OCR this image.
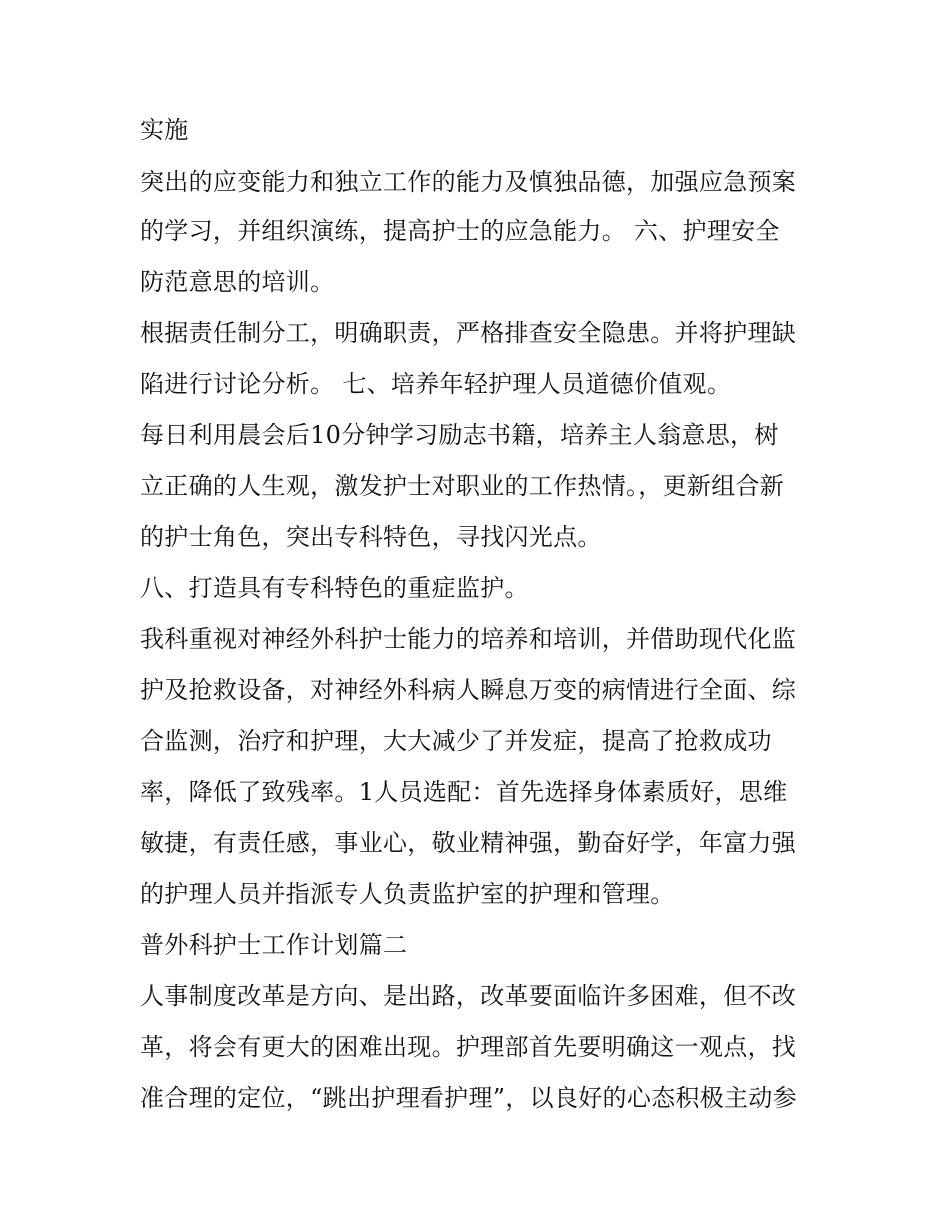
实施
突出的应变能力和独立工作的能力及慎独品德，加强应急预案
的学习，并组织演练，提高护士的应急能力。 六、护理安全
防范意思的培训。
根据责任制分工，明确职责，严格排查安全隐患。并将护理缺
陷进行讨论分析。 七、培养年轻护理人员道德价值观。
每日利用晨会后10分钟学习励志书籍，培养主人翁意思，树
立正确的人生观，激发护士对职业的工作热情。，更新组合新
的护士角色，突出专科特色，寻找闪光点。
八、打造具有专科特色的重症监护。
我科重视对神经外科护士能力的培养和培训，并借助现代化监
护及抢救设备，对神经外科病人瞬息万变的病情进行全面、综
合监测，治疗和护理，大大减少了并发症，提高了抢救成功
率，降低了致残率。1人员选配：首先选择身体素质好，思维
敏捷，有责任感，事业心，敬业精神强，勤奋好学，年富力强
的护理人员并指派专人负责监护室的护理和管理。
普外科护士工作计划篇二
人事制度改革是方向、是出路，改革要面临许多困难，但不改
革，将会有更大的困难出现。护理部首先要明确这一观点，找
准合理的定位，“跳出护理看护理”，以良好的心态积极主动参
